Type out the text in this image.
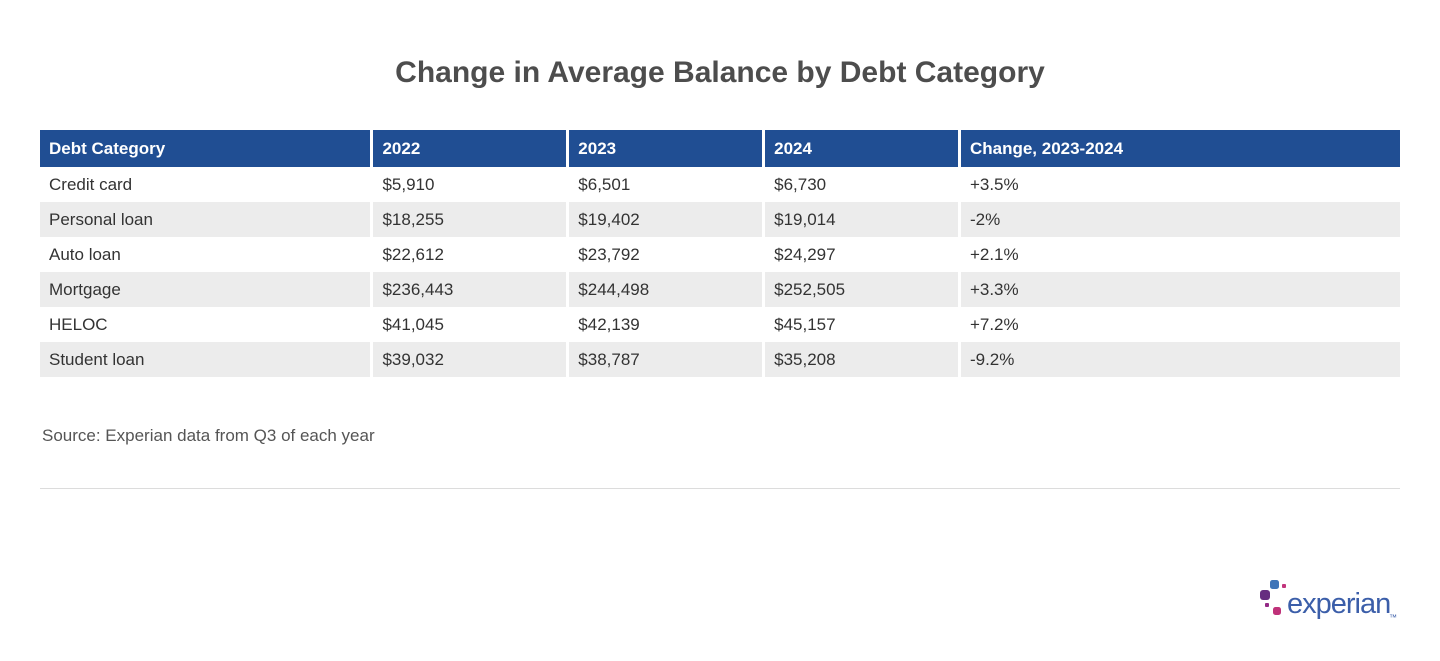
Change in Average Balance by Debt Category
Debt Category	2022	2023	2024	Change, 2023-2024
Credit card	$5,910	$6,501	$6,730	+3.5%
Personal loan	$18,255	$19,402	$19,014	-2%
Auto loan	$22,612	$23,792	$24,297	+2.1%
Mortgage	$236,443	$244,498	$252,505	+3.3%
HELOC	$41,045	$42,139	$45,157	+7.2%
Student loan	$39,032	$38,787	$35,208	-9.2%
Source: Experian data from Q3 of each year
experian
™
